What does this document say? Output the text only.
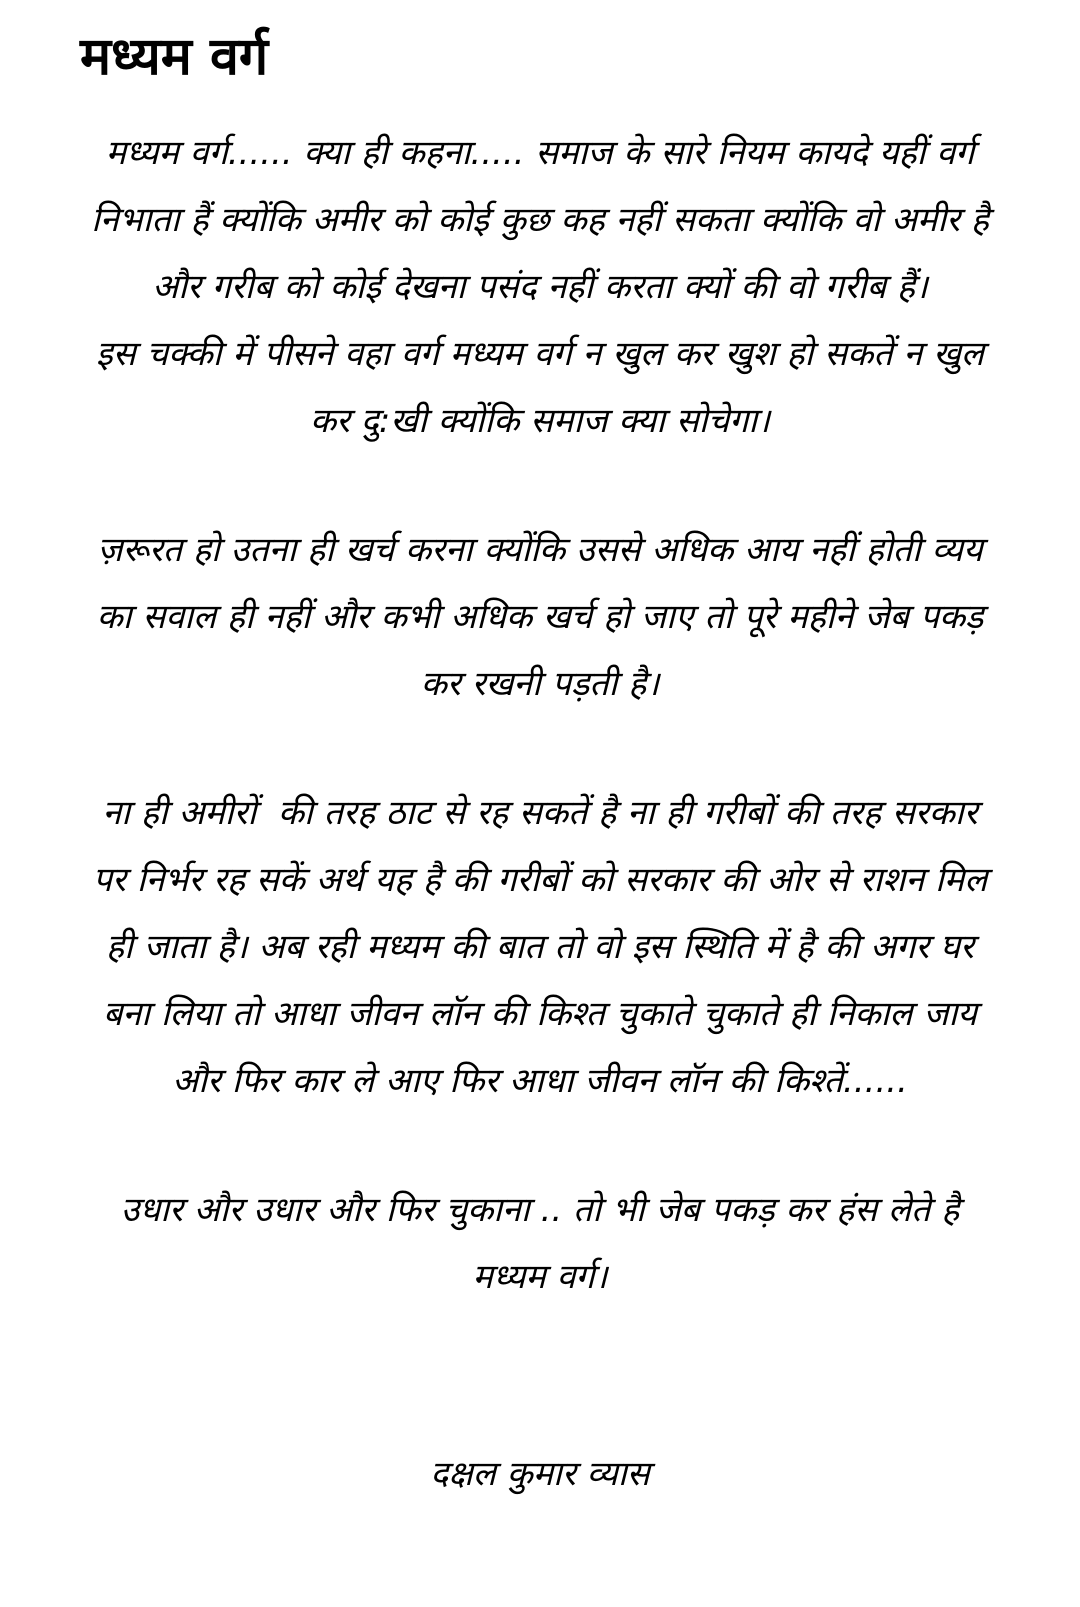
मध्यम वर्ग
मध्यम वर्ग...... क्या ही कहना..... समाज के सारे नियम कायदे यहीं वर्ग
निभाता हैं क्योंकि अमीर को कोई कुछ कह नहीं सकता क्योंकि वो अमीर है
और गरीब को कोई देखना पसंद नहीं करता क्यों की वो गरीब हैं।
इस चक्की में पीसने वहा वर्ग मध्यम वर्ग न खुल कर खुश हो सकतें न खुल
कर दु:खी क्योंकि समाज क्या सोचेगा।
ज़रूरत हो उतना ही खर्च करना क्योंकि उससे अधिक आय नहीं होती व्यय
का सवाल ही नहीं और कभी अधिक खर्च हो जाए तो पूरे महीने जेब पकड़
कर रखनी पड़ती है।
ना ही अमीरों  की तरह ठाट से रह सकतें है ना ही गरीबों की तरह सरकार
पर निर्भर रह सकें अर्थ यह है की गरीबों को सरकार की ओर से राशन मिल
ही जाता है। अब रही मध्यम की बात तो वो इस स्थिति में है की अगर घर
बना लिया तो आधा जीवन लॉन की किश्त चुकाते चुकाते ही निकाल जाय
और फिर कार ले आए फिर आधा जीवन लॉन की किश्तें......
उधार और उधार और फिर चुकाना .. तो भी जेब पकड़ कर हंस लेते है
मध्यम वर्ग।
दक्षल कुमार व्यास
